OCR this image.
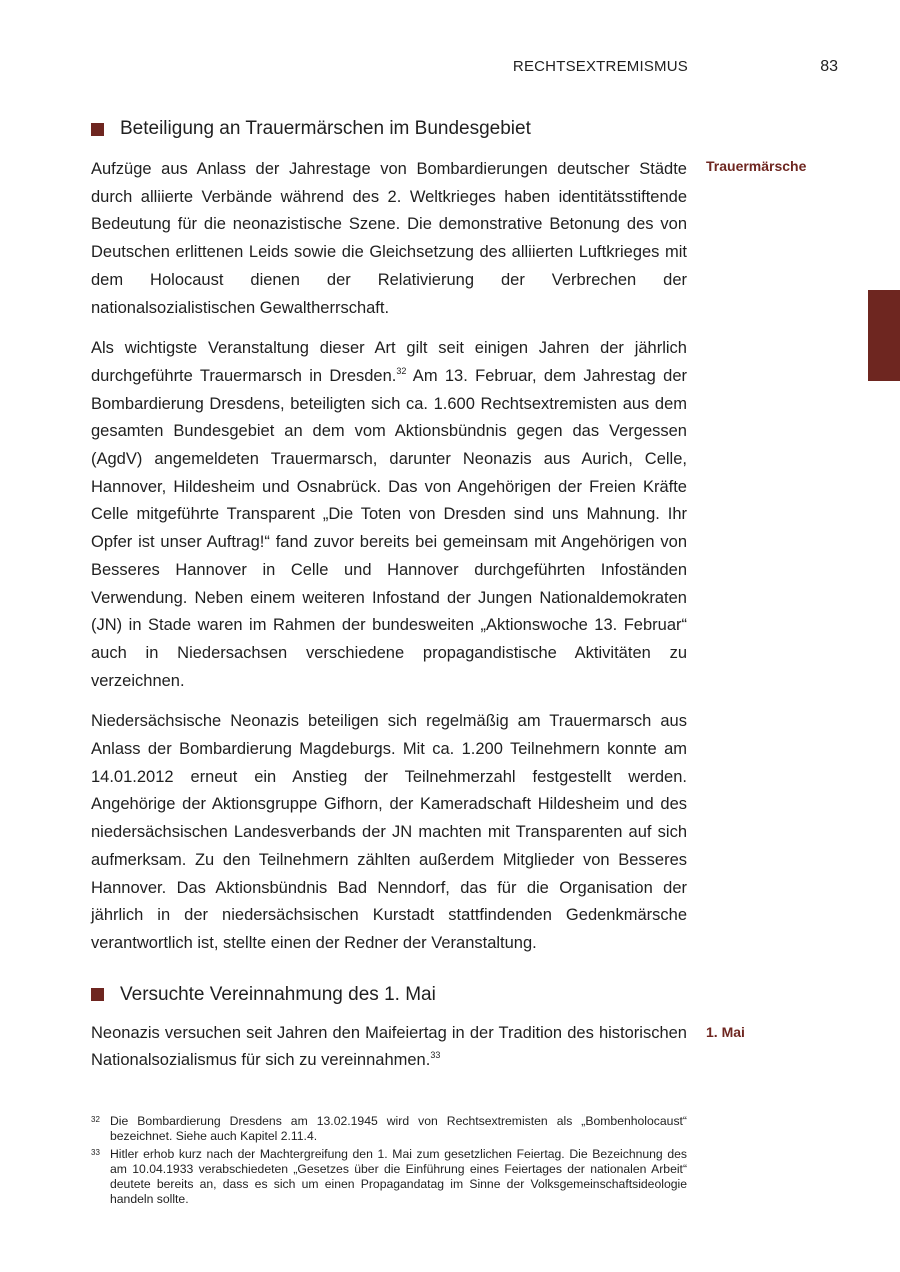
RECHTSEXTREMISMUS	83
Trauermärsche
1. Mai
Beteiligung an Trauermärschen im Bundesgebiet

Aufzüge aus Anlass der Jahrestage von Bombardierungen deutscher Städte durch alliierte Verbände während des 2. Weltkrieges haben identitätsstiftende Bedeutung für die neonazistische Szene. Die demonstrative Betonung des von Deutschen erlittenen Leids sowie die Gleichsetzung des alliierten Luftkrieges mit dem Holocaust dienen der Relativierung der Verbrechen der nationalsozialistischen Gewaltherrschaft.

Als wichtigste Veranstaltung dieser Art gilt seit einigen Jahren der jährlich durchgeführte Trauermarsch in Dresden.$^{32}$ Am 13. Februar, dem Jahrestag der Bombardierung Dresdens, beteiligten sich ca. 1.600 Rechtsextremisten aus dem gesamten Bundesgebiet an dem vom Aktionsbündnis gegen das Vergessen (AgdV) angemeldeten Trauermarsch, darunter Neonazis aus Aurich, Celle, Hannover, Hildesheim und Osnabrück. Das von Angehörigen der Freien Kräfte Celle mitgeführte Transparent „Die Toten von Dresden sind uns Mahnung. Ihr Opfer ist unser Auftrag!“ fand zuvor bereits bei gemeinsam mit Angehörigen von Besseres Hannover in Celle und Hannover durchgeführten Infoständen Verwendung. Neben einem weiteren Infostand der Jungen Nationaldemokraten (JN) in Stade waren im Rahmen der bundesweiten „Aktionswoche 13. Februar“ auch in Niedersachsen verschiedene propagandistische Aktivitäten zu verzeichnen.

Niedersächsische Neonazis beteiligen sich regelmäßig am Trauermarsch aus Anlass der Bombardierung Magdeburgs. Mit ca. 1.200 Teilnehmern konnte am 14.01.2012 erneut ein Anstieg der Teilnehmerzahl festgestellt werden. Angehörige der Aktionsgruppe Gifhorn, der Kameradschaft Hildesheim und des niedersächsischen Landesverbands der JN machten mit Transparenten auf sich aufmerksam. Zu den Teilnehmern zählten außerdem Mitglieder von Besseres Hannover. Das Aktionsbündnis Bad Nenndorf, das für die Organisation der jährlich in der niedersächsischen Kurstadt stattfindenden Gedenkmärsche verantwortlich ist, stellte einen der Redner der Veranstaltung.

Versuchte Vereinnahmung des 1. Mai

Neonazis versuchen seit Jahren den Maifeiertag in der Tradition des historischen Nationalsozialismus für sich zu vereinnahmen.$^{33}$

32 Die Bombardierung Dresdens am 13.02.1945 wird von Rechtsextremisten als „Bombenholocaust“ bezeichnet. Siehe auch Kapitel 2.11.4.
33 Hitler erhob kurz nach der Machtergreifung den 1. Mai zum gesetzlichen Feiertag. Die Bezeichnung des am 10.04.1933 verabschiedeten „Gesetzes über die Einführung eines Feiertages der nationalen Arbeit“ deutete bereits an, dass es sich um einen Propagandatag im Sinne der Volksgemeinschaftsideologie handeln sollte.
